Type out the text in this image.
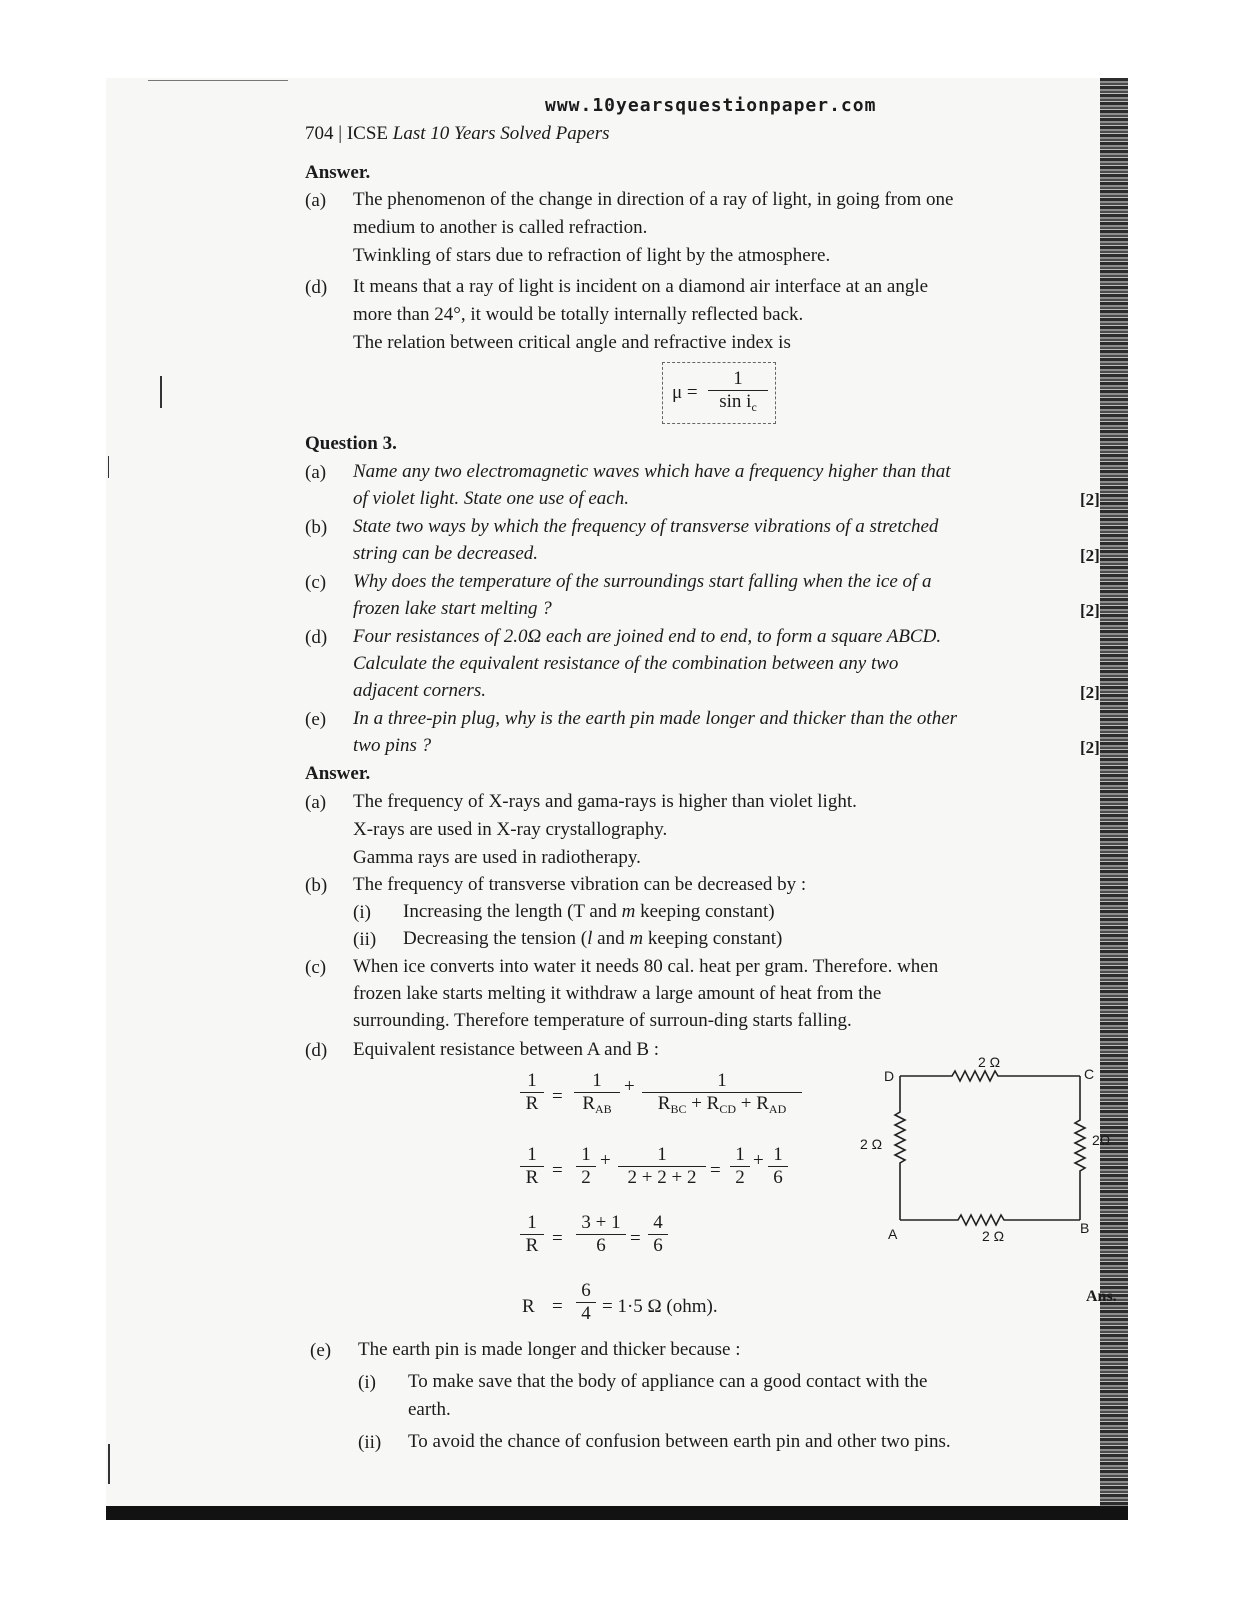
www.10yearsquestionpaper.com
704 | ICSE Last 10 Years Solved Papers
Answer.
(a) The phenomenon of the change in direction of a ray of light, in going from one
medium to another is called refraction.
Twinkling of stars due to refraction of light by the atmosphere.
(d) It means that a ray of light is incident on a diamond air interface at an angle
more than 24°, it would be totally internally reflected back.
The relation between critical angle and refractive index is
$\mu = \frac{1}{\sin i_c}$
Question 3.
(a) Name any two electromagnetic waves which have a frequency higher than that
of violet light. State one use of each.	[2]
(b) State two ways by which the frequency of transverse vibrations of a stretched
string can be decreased.	[2]
(c) Why does the temperature of the surroundings start falling when the ice of a
frozen lake start melting ?	[2]
(d) Four resistances of 2.0Ω each are joined end to end, to form a square ABCD.
Calculate the equivalent resistance of the combination between any two
adjacent corners.	[2]
(e) In a three-pin plug, why is the earth pin made longer and thicker than the other
two pins ?	[2]
Answer.
(a) The frequency of X-rays and gama-rays is higher than violet light.
X-rays are used in X-ray crystallography.
Gamma rays are used in radiotherapy.
(b) The frequency of transverse vibration can be decreased by :
(i) Increasing the length (T and m keeping constant)
(ii) Decreasing the tension (l and m keeping constant)
(c) When ice converts into water it needs 80 cal. heat per gram. Therefore. when
frozen lake starts melting it withdraw a large amount of heat from the
surrounding. Therefore temperature of surroun-ding starts falling.
(d) Equivalent resistance between A and B :
$\frac{1}{R}$ =
1
$R_{AB}$
+	1
$R_{BC} + R_{CD} + R_{AD}$
$\frac{1}{R} = \frac{1}{2} + \frac{1}{2 + 2 + 2} = \frac{1}{2} + \frac{1}{6}$
$\frac{1}{R} = \frac{3 + 1}{6} = \frac{4}{6}$
$R = \frac{6}{4} = 1\cdot 5$ Ω (ohm).	Ans.
D	C
A	B
2 Ω
2 Ω
2 Ω	2Ω
(e) The earth pin is made longer and thicker because :
(i) To make save that the body of appliance can a good contact with the
earth.
(ii) To avoid the chance of confusion between earth pin and other two pins.
